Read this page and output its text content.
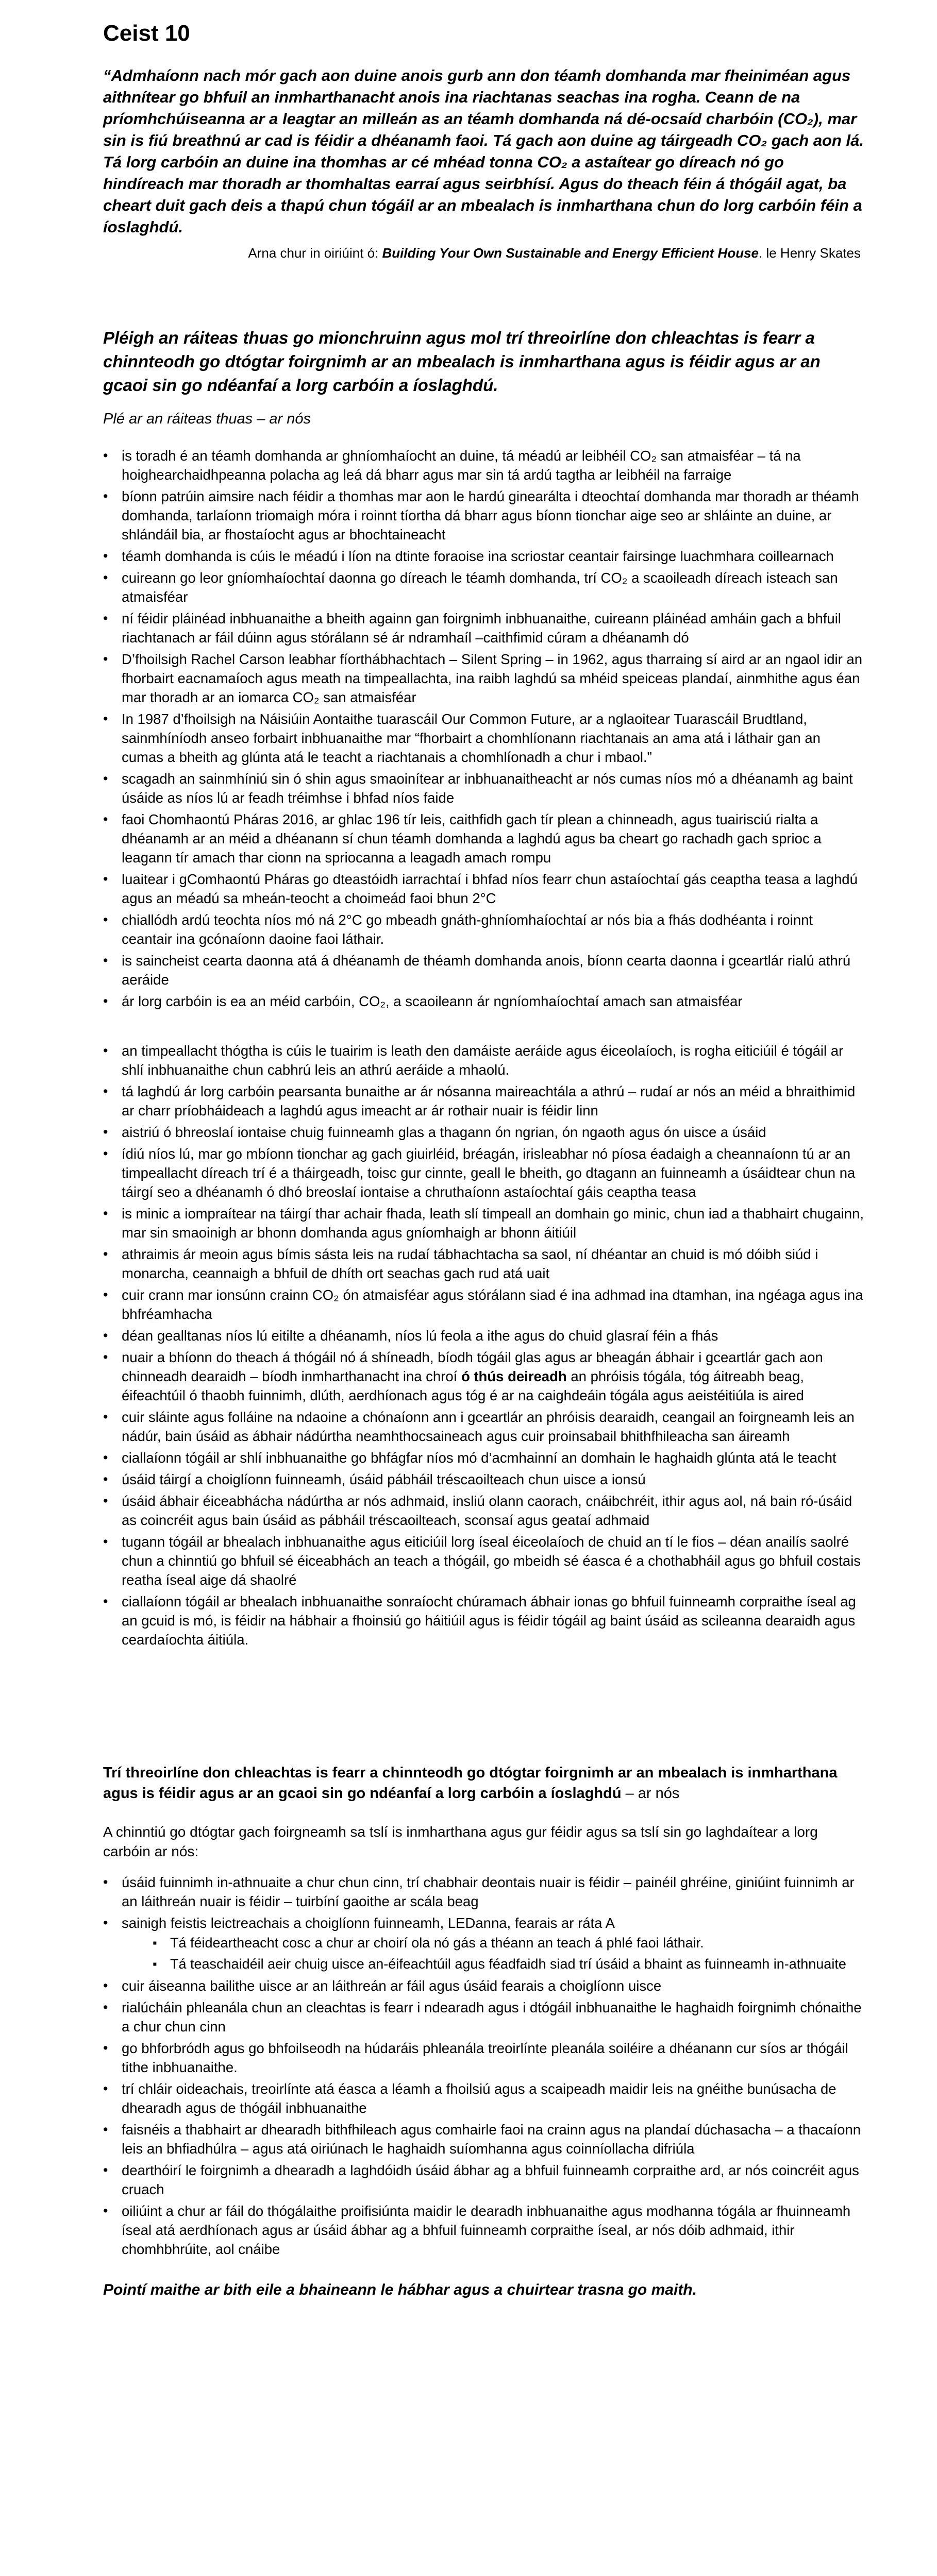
Ceist 10

“Admhaíonn nach mór gach aon duine anois gurb ann don téamh domhanda mar fheiniméan agus aithnítear go bhfuil an inmharthanacht anois ina riachtanas seachas ina rogha. Ceann de na príomhchúiseanna ar a leagtar an milleán as an téamh domhanda ná dé-ocsaíd charbóin (CO₂), mar sin is fiú breathnú ar cad is féidir a dhéanamh faoi. Tá gach aon duine ag táirgeadh CO₂ gach aon lá. Tá lorg carbóin an duine ina thomhas ar cé mhéad tonna CO₂ a astaítear go díreach nó go hindíreach mar thoradh ar thomhaltas earraí agus seirbhísí. Agus do theach féin á thógáil agat, ba cheart duit gach deis a thapú chun tógáil ar an mbealach is inmharthana chun do lorg carbóin féin a íoslaghdú.

Arna chur in oiriúint ó: Building Your Own Sustainable and Energy Efficient House. le Henry Skates

Pléigh an ráiteas thuas go mionchruinn agus mol trí threoirlíne don chleachtas is fearr a chinnteodh go dtógtar foirgnimh ar an mbealach is inmharthana agus is féidir agus ar an gcaoi sin go ndéanfaí a lorg carbóin a íoslaghdú.

Plé ar an ráiteas thuas – ar nós
• is toradh é an téamh domhanda ar ghníomhaíocht an duine, tá méadú ar leibhéil CO₂ san atmaisféar – tá na hoighearchaidhpeanna polacha ag leá dá bharr agus mar sin tá ardú tagtha ar leibhéil na farraige
• bíonn patrúin aimsire nach féidir a thomhas mar aon le hardú ginearálta i dteochtaí domhanda mar thoradh ar théamh domhanda, tarlaíonn triomaigh móra i roinnt tíortha dá bharr agus bíonn tionchar aige seo ar shláinte an duine, ar shlándáil bia, ar fhostaíocht agus ar bhochtaineacht
• téamh domhanda is cúis le méadú i líon na dtinte foraoise ina scriostar ceantair fairsinge luachmhara coillearnach
• cuireann go leor gníomhaíochtaí daonna go díreach le téamh domhanda, trí CO₂ a scaoileadh díreach isteach san atmaisféar
• ní féidir pláinéad inbhuanaithe a bheith againn gan foirgnimh inbhuanaithe, cuireann pláinéad amháin gach a bhfuil riachtanach ar fáil dúinn agus stórálann sé ár ndramhaíl –caithfimid cúram a dhéanamh dó
• D’fhoilsigh Rachel Carson leabhar fíorthábhachtach – Silent Spring – in 1962, agus tharraing sí aird ar an ngaol idir an fhorbairt eacnamaíoch agus meath na timpeallachta, ina raibh laghdú sa mhéid speiceas plandaí, ainmhithe agus éan mar thoradh ar an iomarca CO₂ san atmaisféar
• In 1987 d’fhoilsigh na Náisiúin Aontaithe tuarascáil Our Common Future, ar a nglaoitear Tuarascáil Brudtland, sainmhíníodh anseo forbairt inbhuanaithe mar “fhorbairt a chomhlíonann riachtanais an ama atá i láthair gan an cumas a bheith ag glúnta atá le teacht a riachtanais a chomhlíonadh a chur i mbaol.”
• scagadh an sainmhíniú sin ó shin agus smaoinítear ar inbhuanaitheacht ar nós cumas níos mó a dhéanamh ag baint úsáide as níos lú ar feadh tréimhse i bhfad níos faide
• faoi Chomhaontú Pháras 2016, ar ghlac 196 tír leis, caithfidh gach tír plean a chinneadh, agus tuairisciú rialta a dhéanamh ar an méid a dhéanann sí chun téamh domhanda a laghdú agus ba cheart go rachadh gach sprioc a leagann tír amach thar cionn na spriocanna a leagadh amach rompu
• luaitear i gComhaontú Pháras go dteastóidh iarrachtaí i bhfad níos fearr chun astaíochtaí gás ceaptha teasa a laghdú agus an méadú sa mheán-teocht a choimeád faoi bhun 2°C
• chiallódh ardú teochta níos mó ná 2°C go mbeadh gnáth-ghníomhaíochtaí ar nós bia a fhás dodhéanta i roinnt ceantair ina gcónaíonn daoine faoi láthair.
• is saincheist cearta daonna atá á dhéanamh de théamh domhanda anois, bíonn cearta daonna i gceartlár rialú athrú aeráide
• ár lorg carbóin is ea an méid carbóin, CO₂, a scaoileann ár ngníomhaíochtaí amach san atmaisféar
• an timpeallacht thógtha is cúis le tuairim is leath den damáiste aeráide agus éiceolaíoch, is rogha eiticiúil é tógáil ar shlí inbhuanaithe chun cabhrú leis an athrú aeráide a mhaolú.
• tá laghdú ár lorg carbóin pearsanta bunaithe ar ár nósanna maireachtála a athrú – rudaí ar nós an méid a bhraithimid ar charr príobháideach a laghdú agus imeacht ar ár rothair nuair is féidir linn
• aistriú ó bhreoslaí iontaise chuig fuinneamh glas a thagann ón ngrian, ón ngaoth agus ón uisce a úsáid
• ídiú níos lú, mar go mbíonn tionchar ag gach giuirléid, bréagán, irisleabhar nó píosa éadaigh a cheannaíonn tú ar an timpeallacht díreach trí é a tháirgeadh, toisc gur cinnte, geall le bheith, go dtagann an fuinneamh a úsáidtear chun na táirgí seo a dhéanamh ó dhó breoslaí iontaise a chruthaíonn astaíochtaí gáis ceaptha teasa
• is minic a iompraítear na táirgí thar achair fhada, leath slí timpeall an domhain go minic, chun iad a thabhairt chugainn, mar sin smaoinigh ar bhonn domhanda agus gníomhaigh ar bhonn áitiúil
• athraimis ár meoin agus bímis sásta leis na rudaí tábhachtacha sa saol, ní dhéantar an chuid is mó dóibh siúd i monarcha, ceannaigh a bhfuil de dhíth ort seachas gach rud atá uait
• cuir crann mar ionsúnn crainn CO₂ ón atmaisféar agus stórálann siad é ina adhmad ina dtamhan, ina ngéaga agus ina bhfréamhacha
• déan gealltanas níos lú eitilte a dhéanamh, níos lú feola a ithe agus do chuid glasraí féin a fhás
• nuair a bhíonn do theach á thógáil nó á shíneadh, bíodh tógáil glas agus ar bheagán ábhair i gceartlár gach aon chinneadh dearaidh – bíodh inmharthanacht ina chroí ó thús deireadh an phróisis tógála, tóg áitreabh beag, éifeachtúil ó thaobh fuinnimh, dlúth, aerdhíonach agus tóg é ar na caighdeáin tógála agus aeistéitiúla is aired
• cuir sláinte agus folláine na ndaoine a chónaíonn ann i gceartlár an phróisis dearaidh, ceangail an foirgneamh leis an nádúr, bain úsáid as ábhair nádúrtha neamhthocsaineach agus cuir proinsabail bhithfhileacha san áireamh
• ciallaíonn tógáil ar shlí inbhuanaithe go bhfágfar níos mó d’acmhainní an domhain le haghaidh glúnta atá le teacht
• úsáid táirgí a choiglíonn fuinneamh, úsáid pábháil tréscaoilteach chun uisce a ionsú
• úsáid ábhair éiceabhácha nádúrtha ar nós adhmaid, insliú olann caorach, cnáibchréit, ithir agus aol, ná bain ró-úsáid as coincréit agus bain úsáid as pábháil tréscaoilteach, sconsaí agus geataí adhmaid
• tugann tógáil ar bhealach inbhuanaithe agus eiticiúil lorg íseal éiceolaíoch de chuid an tí le fios – déan anailís saolré chun a chinntiú go bhfuil sé éiceabhách an teach a thógáil, go mbeidh sé éasca é a chothabháil agus go bhfuil costais reatha íseal aige dá shaolré
• ciallaíonn tógáil ar bhealach inbhuanaithe sonraíocht chúramach ábhair ionas go bhfuil fuinneamh corpraithe íseal ag an gcuid is mó, is féidir na hábhair a fhoinsiú go háitiúil agus is féidir tógáil ag baint úsáid as scileanna dearaidh agus ceardaíochta áitiúla.
Trí threoirlíne don chleachtas is fearr a chinnteodh go dtógtar foirgnimh ar an mbealach is inmharthana agus is féidir agus ar an gcaoi sin go ndéanfaí a lorg carbóin a íoslaghdú – ar nós

A chinntiú go dtógtar gach foirgneamh sa tslí is inmharthana agus gur féidir agus sa tslí sin go laghdaítear a lorg carbóin ar nós:

• úsáid fuinnimh in-athnuaite a chur chun cinn, trí chabhair deontais nuair is féidir – painéil ghréine, giniúint fuinnimh ar an láithreán nuair is féidir – tuirbíní gaoithe ar scála beag
• sainigh feistis leictreachais a choiglíonn fuinneamh, LEDanna, fearais ar ráta A
▪ Tá féideartheacht cosc a chur ar choirí ola nó gás a théann an teach á phlé faoi láthair.
▪ Tá teaschaidéil aeir chuig uisce an-éifeachtúil agus féadfaidh siad trí úsáid a bhaint as fuinneamh in-athnuaite
• cuir áiseanna bailithe uisce ar an láithreán ar fáil agus úsáid fearais a choiglíonn uisce
• rialúcháin phleanála chun an cleachtas is fearr i ndearadh agus i dtógáil inbhuanaithe le haghaidh foirgnimh chónaithe a chur chun cinn
• go bhforbródh agus go bhfoilseodh na húdaráis phleanála treoirlínte pleanála soiléire a dhéanann cur síos ar thógáil tithe inbhuanaithe.
• trí chláir oideachais, treoirlínte atá éasca a léamh a fhoilsiú agus a scaipeadh maidir leis na gnéithe bunúsacha de dhearadh agus de thógáil inbhuanaithe
• faisnéis a thabhairt ar dhearadh bithfhileach agus comhairle faoi na crainn agus na plandaí dúchasacha – a thacaíonn leis an bhfiadhúlra – agus atá oiriúnach le haghaidh suíomhanna agus coinníollacha difriúla
• dearthóirí le foirgnimh a dhearadh a laghdóidh úsáid ábhar ag a bhfuil fuinneamh corpraithe ard, ar nós coincréit agus cruach
• oiliúint a chur ar fáil do thógálaithe proifisiúnta maidir le dearadh inbhuanaithe agus modhanna tógála ar fhuinneamh íseal atá aerdhíonach agus ar úsáid ábhar ag a bhfuil fuinneamh corpraithe íseal, ar nós dóib adhmaid, ithir chomhbhrúite, aol cnáibe

Pointí maithe ar bith eile a bhaineann le hábhar agus a chuirtear trasna go maith.
